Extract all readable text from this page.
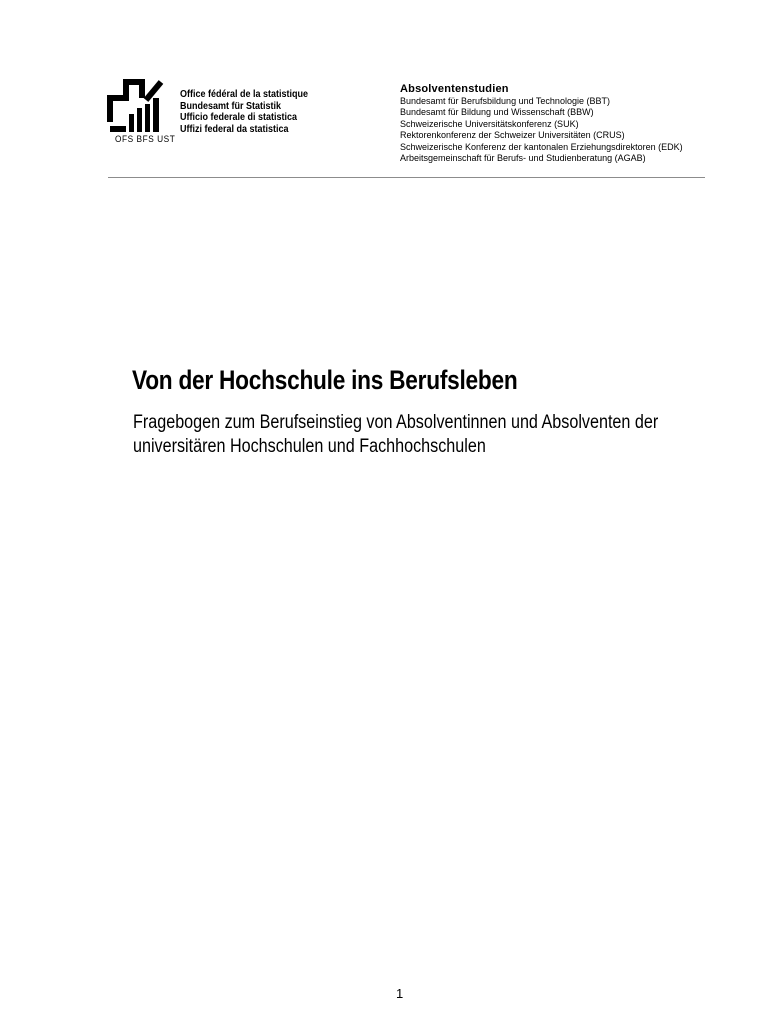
OFS BFS UST
Office fédéral de la statistique
Bundesamt für Statistik
Ufficio federale di statistica
Uffizi federal da statistica
Absolventenstudien
Bundesamt für Berufsbildung und Technologie (BBT)
Bundesamt für Bildung und Wissenschaft (BBW)
Schweizerische Universitätskonferenz (SUK)
Rektorenkonferenz der Schweizer Universitäten (CRUS)
Schweizerische Konferenz der kantonalen Erziehungsdirektoren (EDK)
Arbeitsgemeinschaft für Berufs- und Studienberatung (AGAB)
Von der Hochschule ins Berufsleben
Fragebogen zum Berufseinstieg von Absolventinnen und Absolventen der
universitären Hochschulen und Fachhochschulen
1
